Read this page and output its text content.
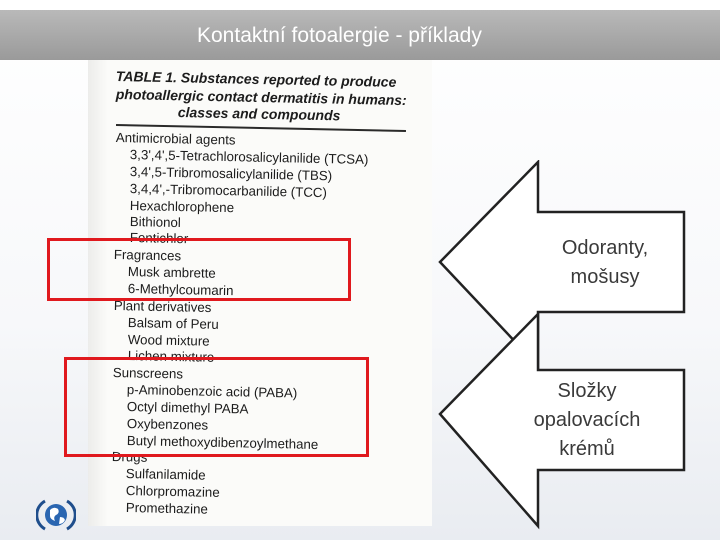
Kontaktní fotoalergie - příklady
TABLE 1. Substances reported to produce
photoallergic contact dermatitis in humans:
classes and compounds
Antimicrobial agents
3,3',4',5-Tetrachlorosalicylanilide (TCSA)
3,4',5-Tribromosalicylanilide (TBS)
3,4,4',-Tribromocarbanilide (TCC)
Hexachlorophene
Bithionol
Fentichlor
Fragrances
Musk ambrette
6-Methylcoumarin
Plant derivatives
Balsam of Peru
Wood mixture
Lichen mixture
Sunscreens
p-Aminobenzoic acid (PABA)
Octyl dimethyl PABA
Oxybenzones
Butyl methoxydibenzoylmethane
Drugs
Sulfanilamide
Chlorpromazine
Promethazine
Odoranty,
mošusy
Složky
opalovacích
krémů
